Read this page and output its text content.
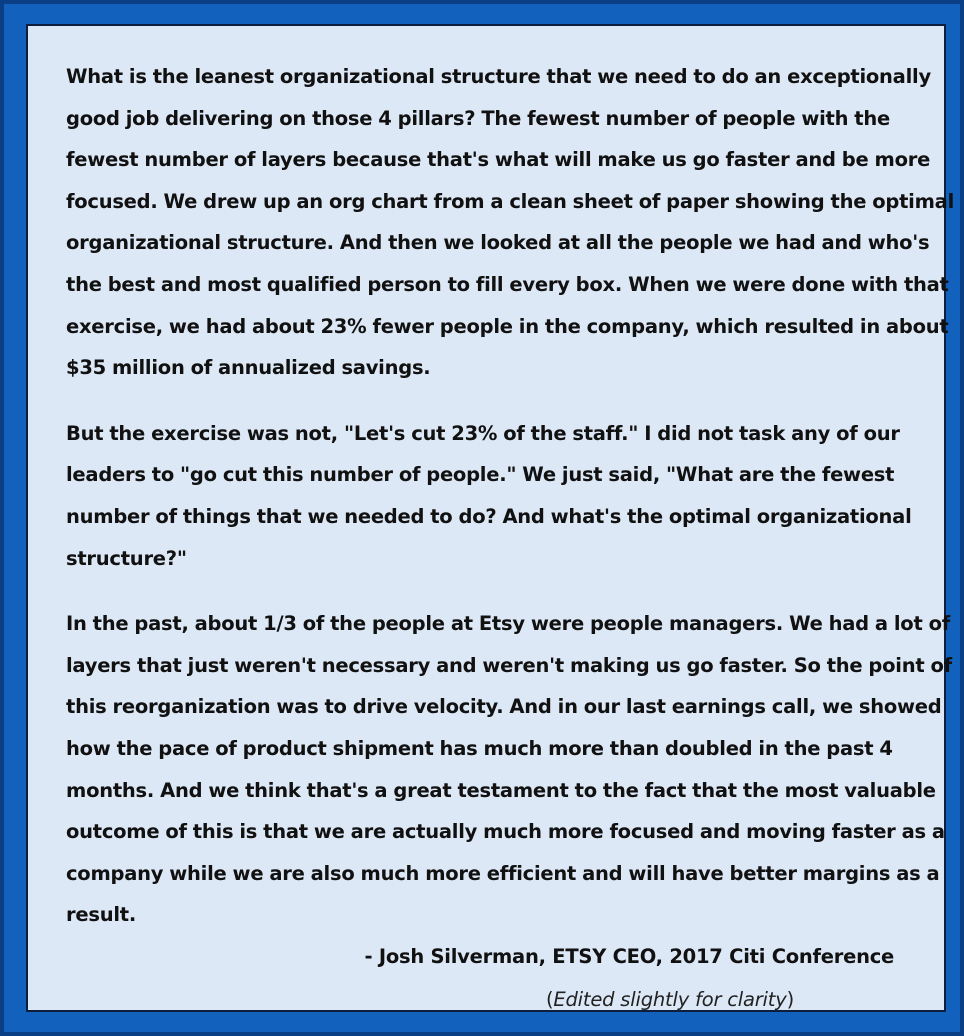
What is the leanest organizational structure that we need to do an exceptionally

good job delivering on those 4 pillars? The fewest number of people with the

fewest number of layers because that's what will make us go faster and be more

focused. We drew up an org chart from a clean sheet of paper showing the optimal

organizational structure. And then we looked at all the people we had and who's

the best and most qualified person to fill every box. When we were done with that

exercise, we had about 23% fewer people in the company, which resulted in about

$35 million of annualized savings.

But the exercise was not, "Let's cut 23% of the staff." I did not task any of our

leaders to "go cut this number of people." We just said, "What are the fewest

number of things that we needed to do? And what's the optimal organizational

structure?"

In the past, about 1/3 of the people at Etsy were people managers. We had a lot of

layers that just weren't necessary and weren't making us go faster. So the point of

this reorganization was to drive velocity. And in our last earnings call, we showed

how the pace of product shipment has much more than doubled in the past 4

months. And we think that's a great testament to the fact that the most valuable

outcome of this is that we are actually much more focused and moving faster as a

company while we are also much more efficient and will have better margins as a

result.

- Josh Silverman, ETSY CEO, 2017 Citi Conference
(Edited slightly for clarity)
